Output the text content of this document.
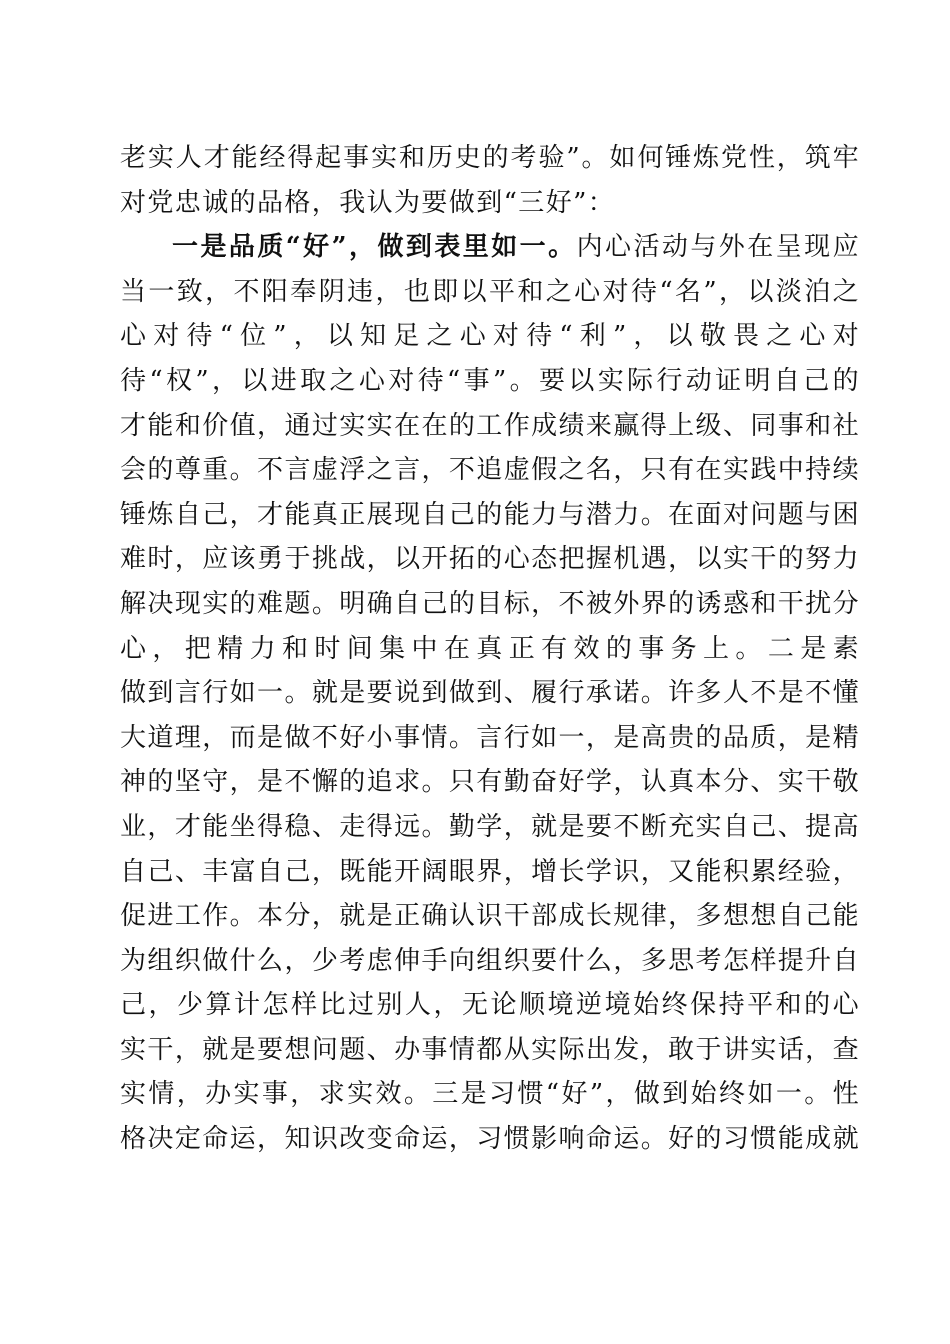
老实人才能经得起事实和历史的考验”。如何锤炼党性，筑牢
对党忠诚的品格，我认为要做到“三好”：
一是品质“好”，做到表里如一。内心活动与外在呈现应
当一致，不阳奉阴违，也即以平和之心对待“名”，以淡泊之
心对待“位”，以知足之心对待“利”，以敬畏之心对
待“权”，以进取之心对待“事”。要以实际行动证明自己的
才能和价值，通过实实在在的工作成绩来赢得上级、同事和社
会的尊重。不言虚浮之言，不追虚假之名，只有在实践中持续
锤炼自己，才能真正展现自己的能力与潜力。在面对问题与困
难时，应该勇于挑战，以开拓的心态把握机遇，以实干的努力
解决现实的难题。明确自己的目标，不被外界的诱惑和干扰分
心，把精力和时间集中在真正有效的事务上。二是素
做到言行如一。就是要说到做到、履行承诺。许多人不是不懂
大道理，而是做不好小事情。言行如一，是高贵的品质，是精
神的坚守，是不懈的追求。只有勤奋好学，认真本分、实干敬
业，才能坐得稳、走得远。勤学，就是要不断充实自己、提高
自己、丰富自己，既能开阔眼界，增长学识，又能积累经验，
促进工作。本分，就是正确认识干部成长规律，多想想自己能
为组织做什么，少考虑伸手向组织要什么，多思考怎样提升自
己，少算计怎样比过别人，无论顺境逆境始终保持平和的心
实干，就是要想问题、办事情都从实际出发，敢于讲实话，查
实情，办实事，求实效。三是习惯“好”，做到始终如一。性
格决定命运，知识改变命运，习惯影响命运。好的习惯能成就
